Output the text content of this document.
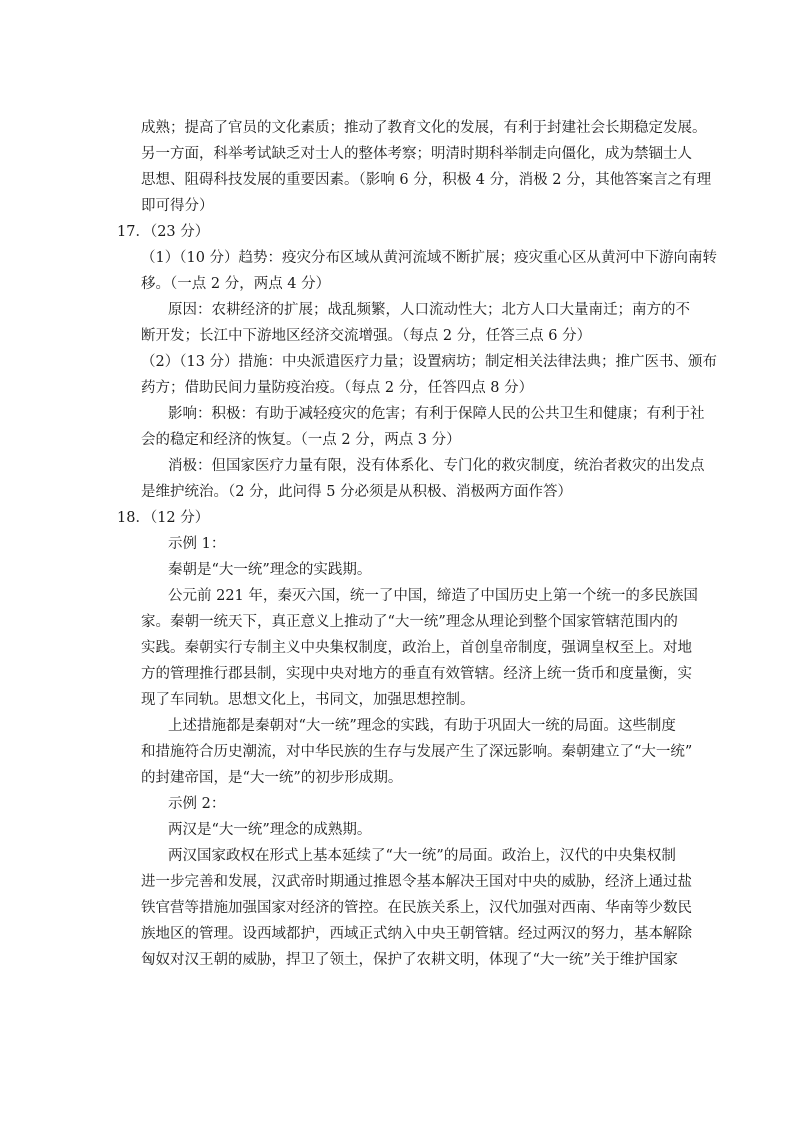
成熟；提高了官员的文化素质；推动了教育文化的发展，有利于封建社会长期稳定发展。
另一方面，科举考试缺乏对士人的整体考察；明清时期科举制走向僵化，成为禁锢士人
思想、阻碍科技发展的重要因素。（影响 6 分，积极 4 分，消极 2 分，其他答案言之有理
即可得分）
17．（23 分）
（1）（10 分）趋势：疫灾分布区域从黄河流域不断扩展；疫灾重心区从黄河中下游向南转
移。（一点 2 分，两点 4 分）
原因：农耕经济的扩展；战乱频繁，人口流动性大；北方人口大量南迁；南方的不
断开发；长江中下游地区经济交流增强。（每点 2 分，任答三点 6 分）
（2）（13 分）措施：中央派遣医疗力量；设置病坊；制定相关法律法典；推广医书、颁布
药方；借助民间力量防疫治疫。（每点 2 分，任答四点 8 分）
影响：积极：有助于减轻疫灾的危害；有利于保障人民的公共卫生和健康；有利于社
会的稳定和经济的恢复。（一点 2 分，两点 3 分）
消极：但国家医疗力量有限，没有体系化、专门化的救灾制度，统治者救灾的出发点
是维护统治。（2 分，此问得 5 分必须是从积极、消极两方面作答）
18．（12 分）
示例 1：
秦朝是“大一统”理念的实践期。
公元前 221 年，秦灭六国，统一了中国，缔造了中国历史上第一个统一的多民族国
家。秦朝一统天下，真正意义上推动了“大一统”理念从理论到整个国家管辖范围内的
实践。秦朝实行专制主义中央集权制度，政治上，首创皇帝制度，强调皇权至上。对地
方的管理推行郡县制，实现中央对地方的垂直有效管辖。经济上统一货币和度量衡，实
现了车同轨。思想文化上，书同文，加强思想控制。
上述措施都是秦朝对“大一统”理念的实践，有助于巩固大一统的局面。这些制度
和措施符合历史潮流，对中华民族的生存与发展产生了深远影响。秦朝建立了“大一统”
的封建帝国，是“大一统”的初步形成期。
示例 2：
两汉是“大一统”理念的成熟期。
两汉国家政权在形式上基本延续了“大一统”的局面。政治上，汉代的中央集权制
进一步完善和发展，汉武帝时期通过推恩令基本解决王国对中央的威胁，经济上通过盐
铁官营等措施加强国家对经济的管控。在民族关系上，汉代加强对西南、华南等少数民
族地区的管理。设西域都护，西域正式纳入中央王朝管辖。经过两汉的努力，基本解除
匈奴对汉王朝的威胁，捍卫了领土，保护了农耕文明，体现了“大一统”关于维护国家
